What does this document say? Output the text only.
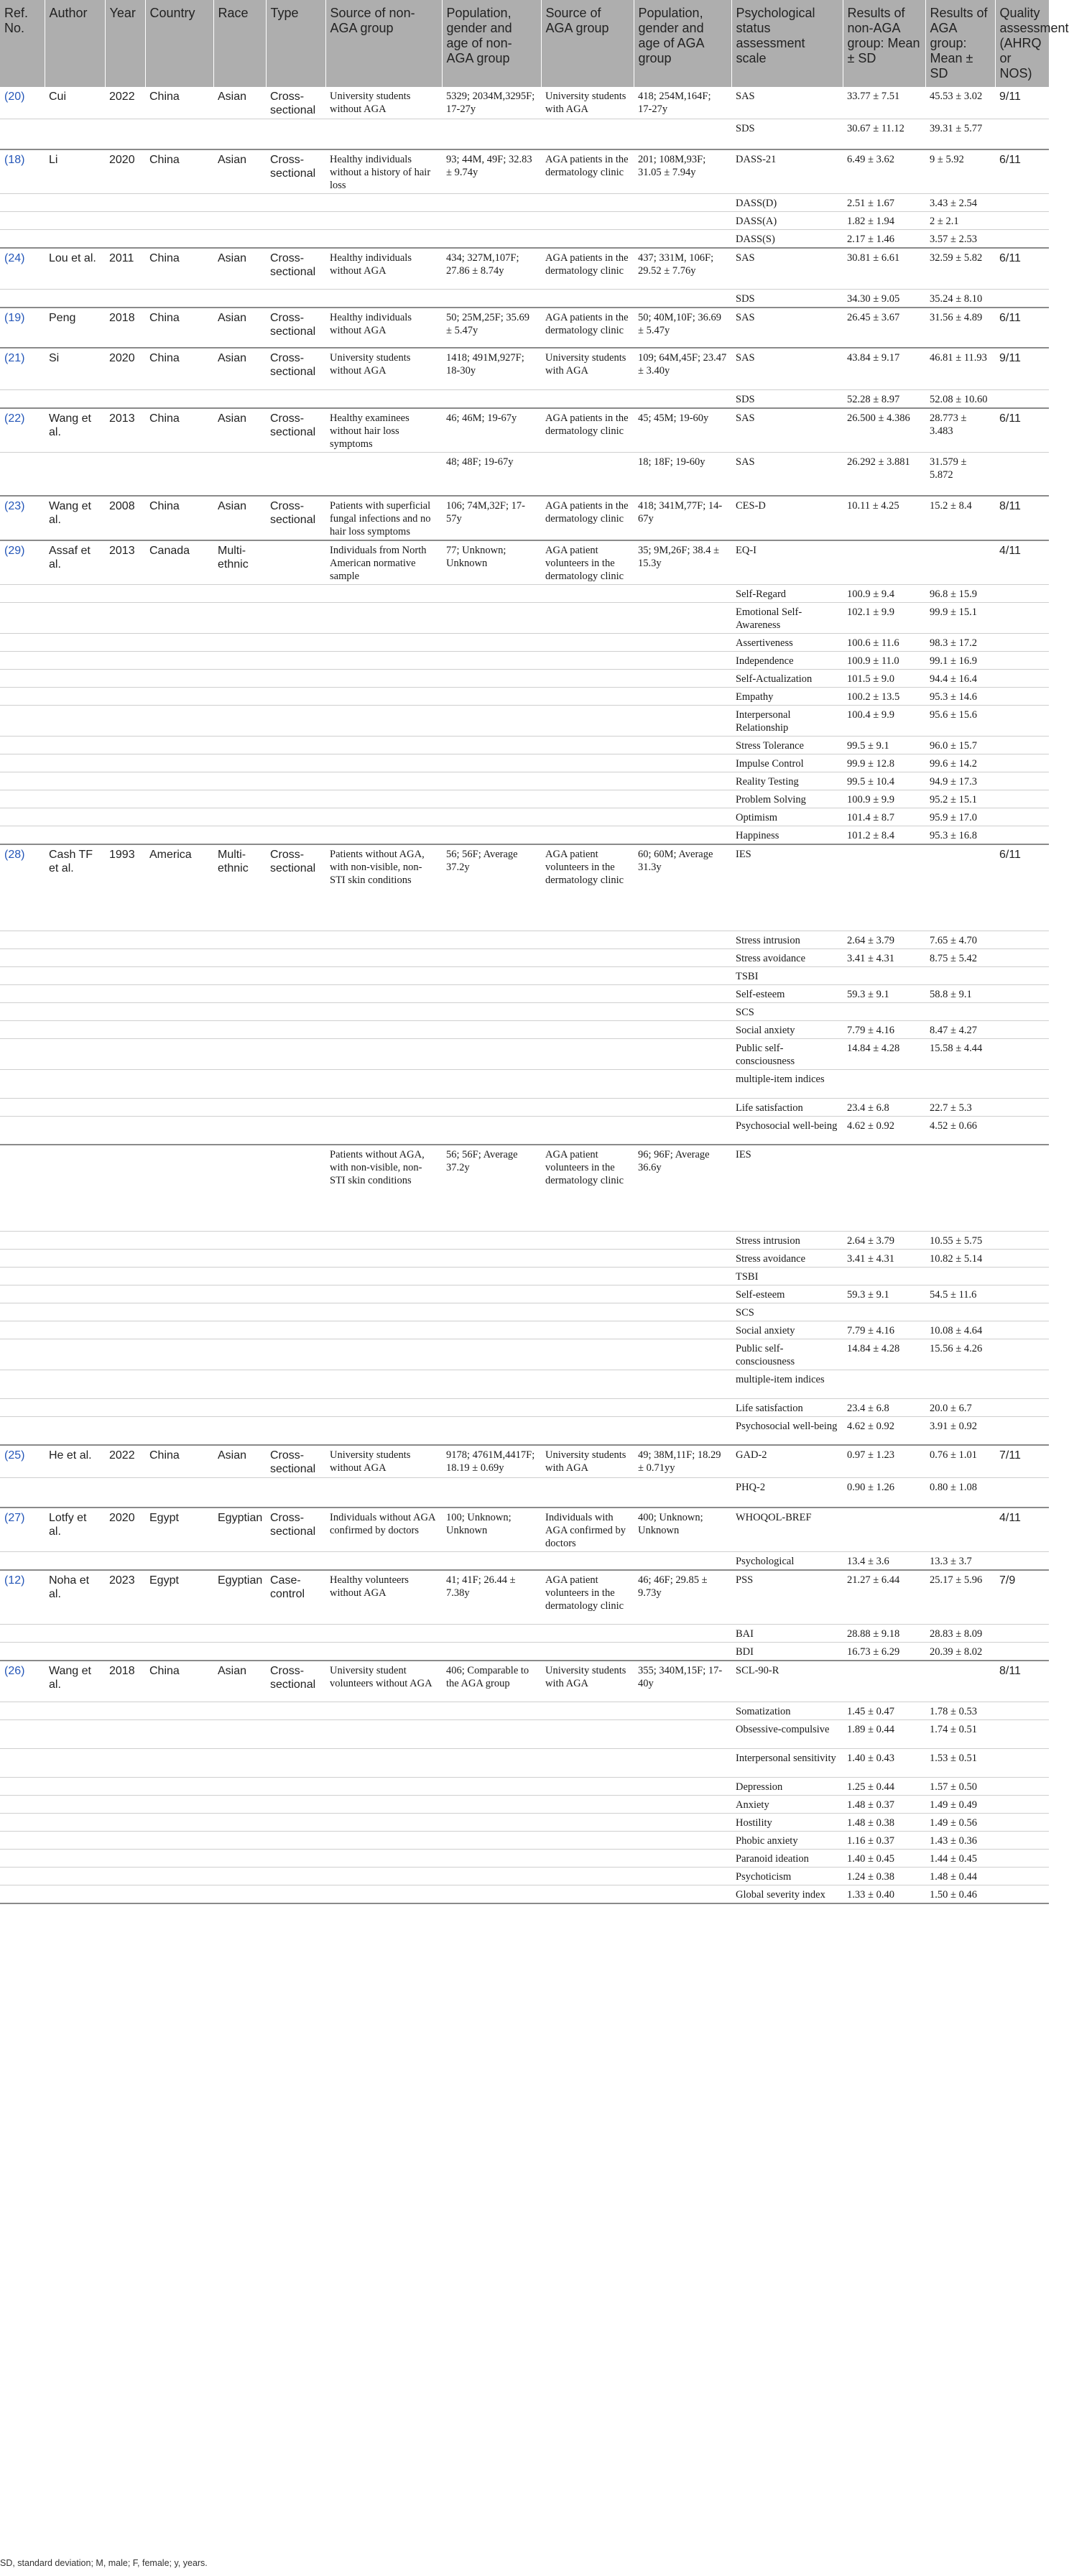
Ref. No.	Author	Year	Country	Race	Type	Source of non-AGA group	Population, gender and age of non-AGA group	Source of AGA group	Population, gender and age of AGA group	Psychological status assessment scale	Results of non-AGA group: Mean ± SD	Results of AGA group: Mean ± SD	Quality assessment (AHRQ or NOS)
(20)	Cui	2022	China	Asian	Cross-sectional	University students without AGA	5329; 2034M,3295F; 17-27y	University students with AGA	418; 254M,164F; 17-27y	SAS	33.77 ± 7.51	45.53 ± 3.02	9/11
										SDS	30.67 ± 11.12	39.31 ± 5.77	
(18)	Li	2020	China	Asian	Cross-sectional	Healthy individuals without a history of hair loss	93; 44M, 49F; 32.83 ± 9.74y	AGA patients in the dermatology clinic	201; 108M,93F; 31.05 ± 7.94y	DASS-21	6.49 ± 3.62	9 ± 5.92	6/11
										DASS(D)	2.51 ± 1.67	3.43 ± 2.54	
										DASS(A)	1.82 ± 1.94	2 ± 2.1	
										DASS(S)	2.17 ± 1.46	3.57 ± 2.53	
(24)	Lou et al.	2011	China	Asian	Cross-sectional	Healthy individuals without AGA	434; 327M,107F; 27.86 ± 8.74y	AGA patients in the dermatology clinic	437; 331M, 106F; 29.52 ± 7.76y	SAS	30.81 ± 6.61	32.59 ± 5.82	6/11
										SDS	34.30 ± 9.05	35.24 ± 8.10	
(19)	Peng	2018	China	Asian	Cross-sectional	Healthy individuals without AGA	50; 25M,25F; 35.69 ± 5.47y	AGA patients in the dermatology clinic	50; 40M,10F; 36.69 ± 5.47y	SAS	26.45 ± 3.67	31.56 ± 4.89	6/11
(21)	Si	2020	China	Asian	Cross-sectional	University students without AGA	1418; 491M,927F; 18-30y	University students with AGA	109; 64M,45F; 23.47 ± 3.40y	SAS	43.84 ± 9.17	46.81 ± 11.93	9/11
										SDS	52.28 ± 8.97	52.08 ± 10.60	
(22)	Wang et al.	2013	China	Asian	Cross-sectional	Healthy examinees without hair loss symptoms	46; 46M; 19-67y	AGA patients in the dermatology clinic	45; 45M; 19-60y	SAS	26.500 ± 4.386	28.773 ± 3.483	6/11
							48; 48F; 19-67y		18; 18F; 19-60y	SAS	26.292 ± 3.881	31.579 ± 5.872	
(23)	Wang et al.	2008	China	Asian	Cross-sectional	Patients with superficial fungal infections and no hair loss symptoms	106; 74M,32F; 17-57y	AGA patients in the dermatology clinic	418; 341M,77F; 14-67y	CES-D	10.11 ± 4.25	15.2 ± 8.4	8/11
(29)	Assaf et al.	2013	Canada	Multi-ethnic		Individuals from North American normative sample	77; Unknown; Unknown	AGA patient volunteers in the dermatology clinic	35; 9M,26F; 38.4 ± 15.3y	EQ-I			4/11
										Self-Regard	100.9 ± 9.4	96.8 ± 15.9	
										Emotional Self-Awareness	102.1 ± 9.9	99.9 ± 15.1	
										Assertiveness	100.6 ± 11.6	98.3 ± 17.2	
										Independence	100.9 ± 11.0	99.1 ± 16.9	
										Self-Actualization	101.5 ± 9.0	94.4 ± 16.4	
										Empathy	100.2 ± 13.5	95.3 ± 14.6	
										Interpersonal Relationship	100.4 ± 9.9	95.6 ± 15.6	
										Stress Tolerance	99.5 ± 9.1	96.0 ± 15.7	
										Impulse Control	99.9 ± 12.8	99.6 ± 14.2	
										Reality Testing	99.5 ± 10.4	94.9 ± 17.3	
										Problem Solving	100.9 ± 9.9	95.2 ± 15.1	
										Optimism	101.4 ± 8.7	95.9 ± 17.0	
										Happiness	101.2 ± 8.4	95.3 ± 16.8	
(28)	Cash TF et al.	1993	America	Multi-ethnic	Cross-sectional	Patients without AGA, with non-visible, non-STI skin conditions	56; 56F; Average 37.2y	AGA patient volunteers in the dermatology clinic	60; 60M; Average 31.3y	IES			6/11
										Stress intrusion	2.64 ± 3.79	7.65 ± 4.70	
										Stress avoidance	3.41 ± 4.31	8.75 ± 5.42	
										TSBI			
										Self-esteem	59.3 ± 9.1	58.8 ± 9.1	
										SCS			
										Social anxiety	7.79 ± 4.16	8.47 ± 4.27	
										Public self-consciousness	14.84 ± 4.28	15.58 ± 4.44	
										multiple-item indices			
										Life satisfaction	23.4 ± 6.8	22.7 ± 5.3	
										Psychosocial well-being	4.62 ± 0.92	4.52 ± 0.66	
						Patients without AGA, with non-visible, non-STI skin conditions	56; 56F; Average 37.2y	AGA patient volunteers in the dermatology clinic	96; 96F; Average 36.6y	IES			
										Stress intrusion	2.64 ± 3.79	10.55 ± 5.75	
										Stress avoidance	3.41 ± 4.31	10.82 ± 5.14	
										TSBI			
										Self-esteem	59.3 ± 9.1	54.5 ± 11.6	
										SCS			
										Social anxiety	7.79 ± 4.16	10.08 ± 4.64	
										Public self-consciousness	14.84 ± 4.28	15.56 ± 4.26	
										multiple-item indices			
										Life satisfaction	23.4 ± 6.8	20.0 ± 6.7	
										Psychosocial well-being	4.62 ± 0.92	3.91 ± 0.92	
(25)	He et al.	2022	China	Asian	Cross-sectional	University students without AGA	9178; 4761M,4417F; 18.19 ± 0.69y	University students with AGA	49; 38M,11F; 18.29 ± 0.71yy	GAD-2	0.97 ± 1.23	0.76 ± 1.01	7/11
										PHQ-2	0.90 ± 1.26	0.80 ± 1.08	
(27)	Lotfy et al.	2020	Egypt	Egyptian	Cross-sectional	Individuals without AGA confirmed by doctors	100; Unknown; Unknown	Individuals with AGA confirmed by doctors	400; Unknown; Unknown	WHOQOL-BREF			4/11
										Psychological	13.4 ± 3.6	13.3 ± 3.7	
(12)	Noha et al.	2023	Egypt	Egyptian	Case-control	Healthy volunteers without AGA	41; 41F; 26.44 ± 7.38y	AGA patient volunteers in the dermatology clinic	46; 46F; 29.85 ± 9.73y	PSS	21.27 ± 6.44	25.17 ± 5.96	7/9
										BAI	28.88 ± 9.18	28.83 ± 8.09	
										BDI	16.73 ± 6.29	20.39 ± 8.02	
(26)	Wang et al.	2018	China	Asian	Cross-sectional	University student volunteers without AGA	406; Comparable to the AGA group	University students with AGA	355; 340M,15F; 17-40y	SCL-90-R			8/11
										Somatization	1.45 ± 0.47	1.78 ± 0.53	
										Obsessive-compulsive	1.89 ± 0.44	1.74 ± 0.51	
										Interpersonal sensitivity	1.40 ± 0.43	1.53 ± 0.51	
										Depression	1.25 ± 0.44	1.57 ± 0.50	
										Anxiety	1.48 ± 0.37	1.49 ± 0.49	
										Hostility	1.48 ± 0.38	1.49 ± 0.56	
										Phobic anxiety	1.16 ± 0.37	1.43 ± 0.36	
										Paranoid ideation	1.40 ± 0.45	1.44 ± 0.45	
										Psychoticism	1.24 ± 0.38	1.48 ± 0.44	
										Global severity index	1.33 ± 0.40	1.50 ± 0.46	
SD, standard deviation; M, male; F, female; y, years.
